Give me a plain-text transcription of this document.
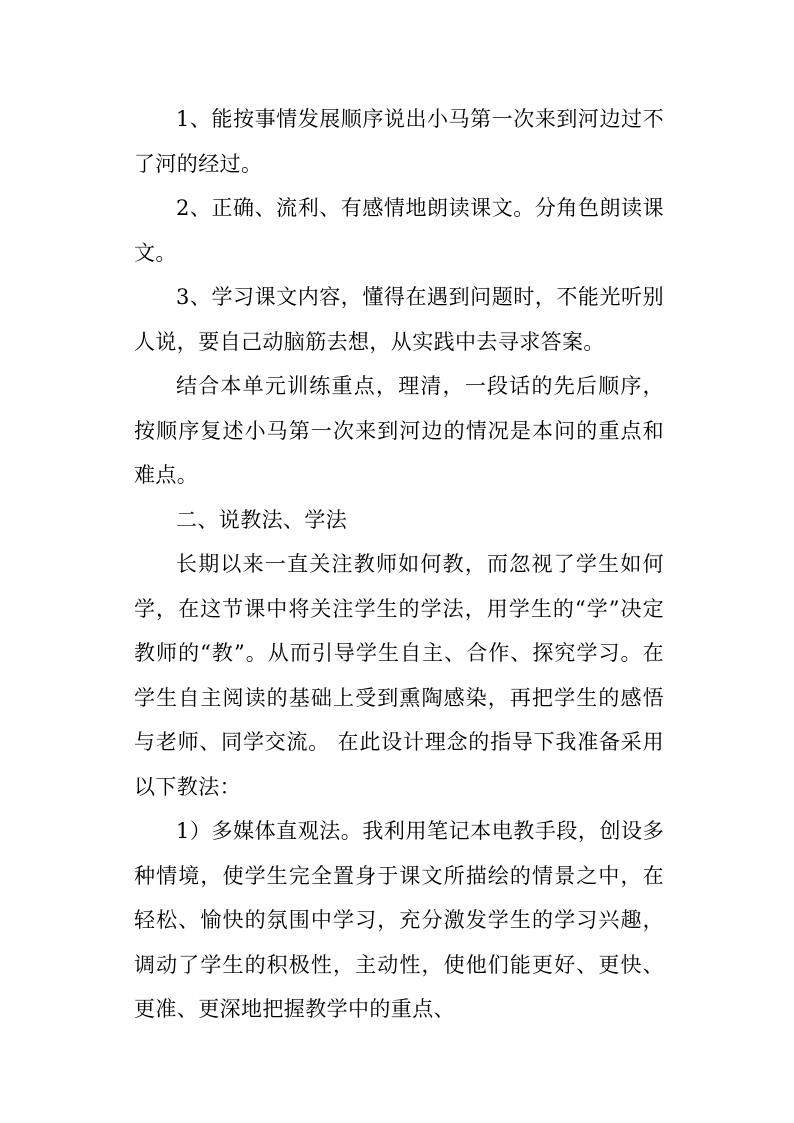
1、能按事情发展顺序说出小马第一次来到河边过不了河的经过。

2、正确、流利、有感情地朗读课文。分角色朗读课文。

3、学习课文内容，懂得在遇到问题时，不能光听别人说，要自己动脑筋去想，从实践中去寻求答案。

结合本单元训练重点，理清，一段话的先后顺序，按顺序复述小马第一次来到河边的情况是本问的重点和难点。

二、说教法、学法

长期以来一直关注教师如何教，而忽视了学生如何学，在这节课中将关注学生的学法，用学生的“学”决定教师的“教”。从而引导学生自主、合作、探究学习。在学生自主阅读的基础上受到熏陶感染，再把学生的感悟与老师、同学交流。 在此设计理念的指导下我准备采用以下教法：

1）多媒体直观法。我利用笔记本电教手段，创设多种情境，使学生完全置身于课文所描绘的情景之中，在轻松、愉快的氛围中学习，充分激发学生的学习兴趣，调动了学生的积极性，主动性，使他们能更好、更快、更准、更深地把握教学中的重点、
